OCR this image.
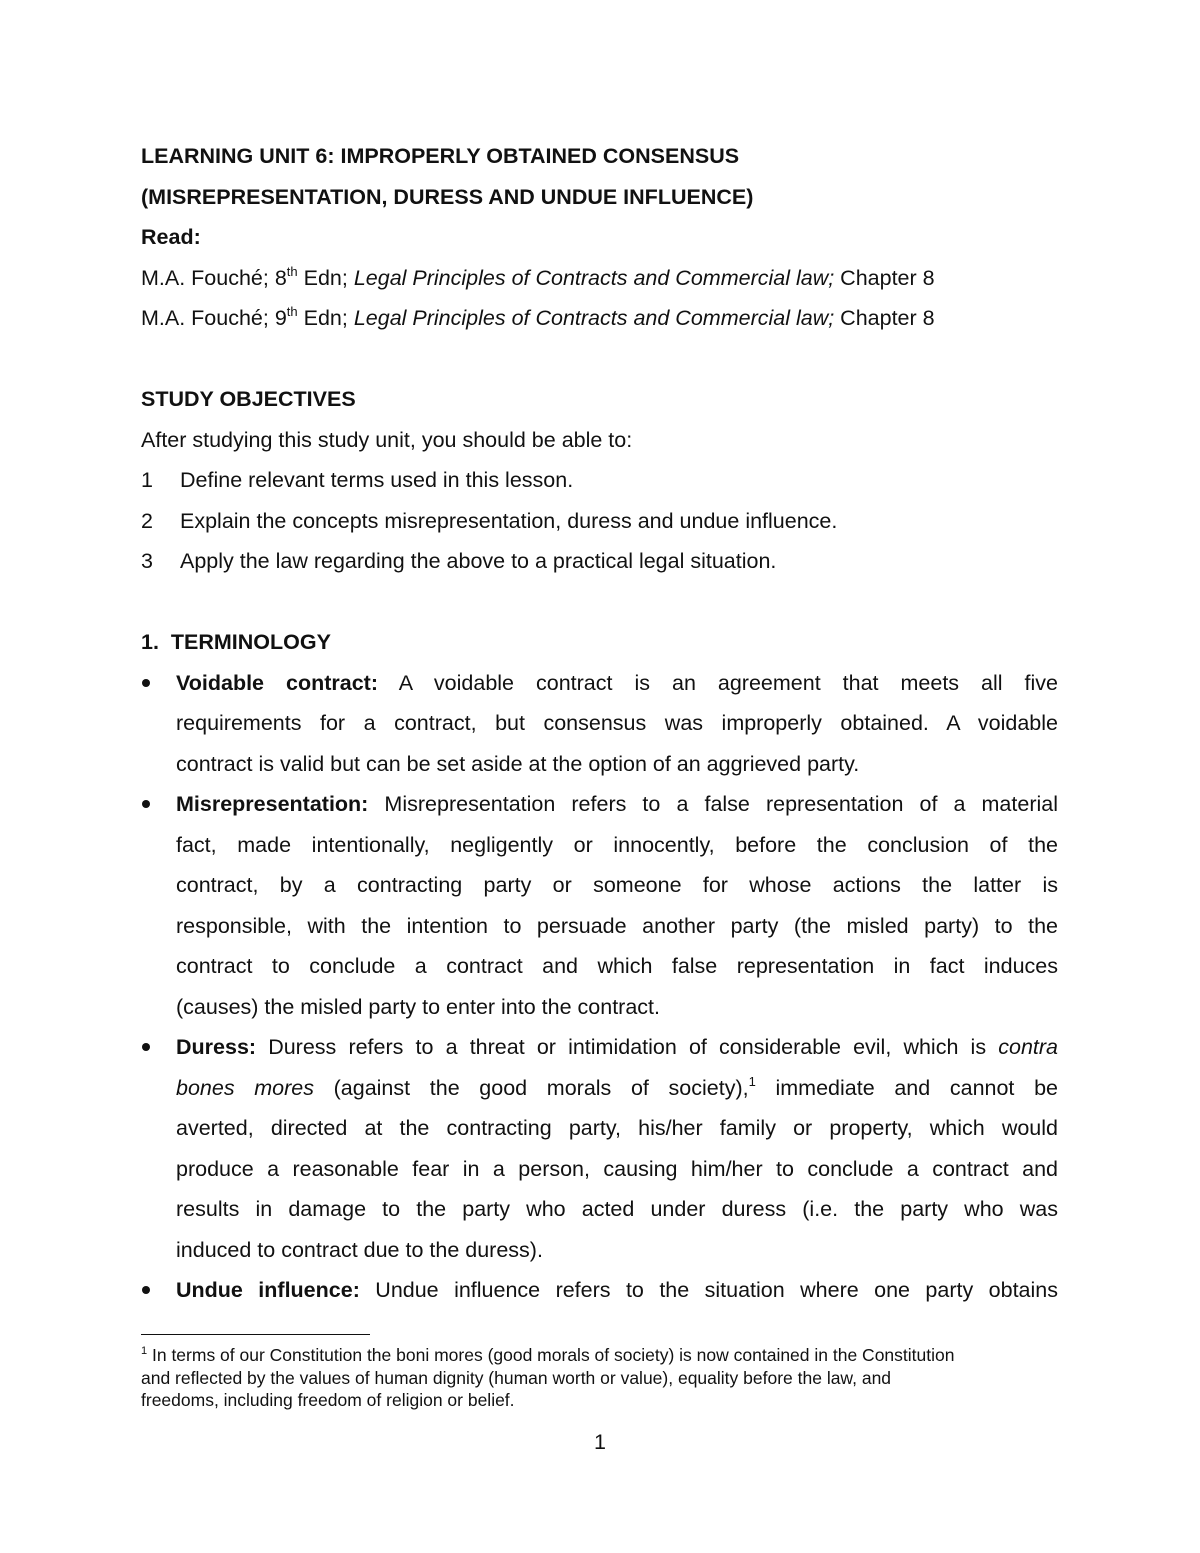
LEARNING UNIT 6: IMPROPERLY OBTAINED CONSENSUS
(MISREPRESENTATION, DURESS AND UNDUE INFLUENCE)
Read:
M.A. Fouché; 8th Edn; Legal Principles of Contracts and Commercial law; Chapter 8
M.A. Fouché; 9th Edn; Legal Principles of Contracts and Commercial law; Chapter 8
STUDY OBJECTIVES
After studying this study unit, you should be able to:
1	Define relevant terms used in this lesson.
2	Explain the concepts misrepresentation, duress and undue influence.
3	Apply the law regarding the above to a practical legal situation.
1.  TERMINOLOGY
Voidable contract: A voidable contract is an agreement that meets all five
requirements for a contract, but consensus was improperly obtained. A voidable
contract is valid but can be set aside at the option of an aggrieved party.
Misrepresentation: Misrepresentation refers to a false representation of a material
fact, made intentionally, negligently or innocently, before the conclusion of the
contract, by a contracting party or someone for whose actions the latter is
responsible, with the intention to persuade another party (the misled party) to the
contract to conclude a contract and which false representation in fact induces
(causes) the misled party to enter into the contract.
Duress: Duress refers to a threat or intimidation of considerable evil, which is contra
bones mores (against the good morals of society),$^1$ immediate and cannot be
averted, directed at the contracting party, his/her family or property, which would
produce a reasonable fear in a person, causing him/her to conclude a contract and
results in damage to the party who acted under duress (i.e. the party who was
induced to contract due to the duress).
Undue influence: Undue influence refers to the situation where one party obtains
$^1$ In terms of our Constitution the boni mores (good morals of society) is now contained in the Constitution
and reflected by the values of human dignity (human worth or value), equality before the law, and
freedoms, including freedom of religion or belief.
1
